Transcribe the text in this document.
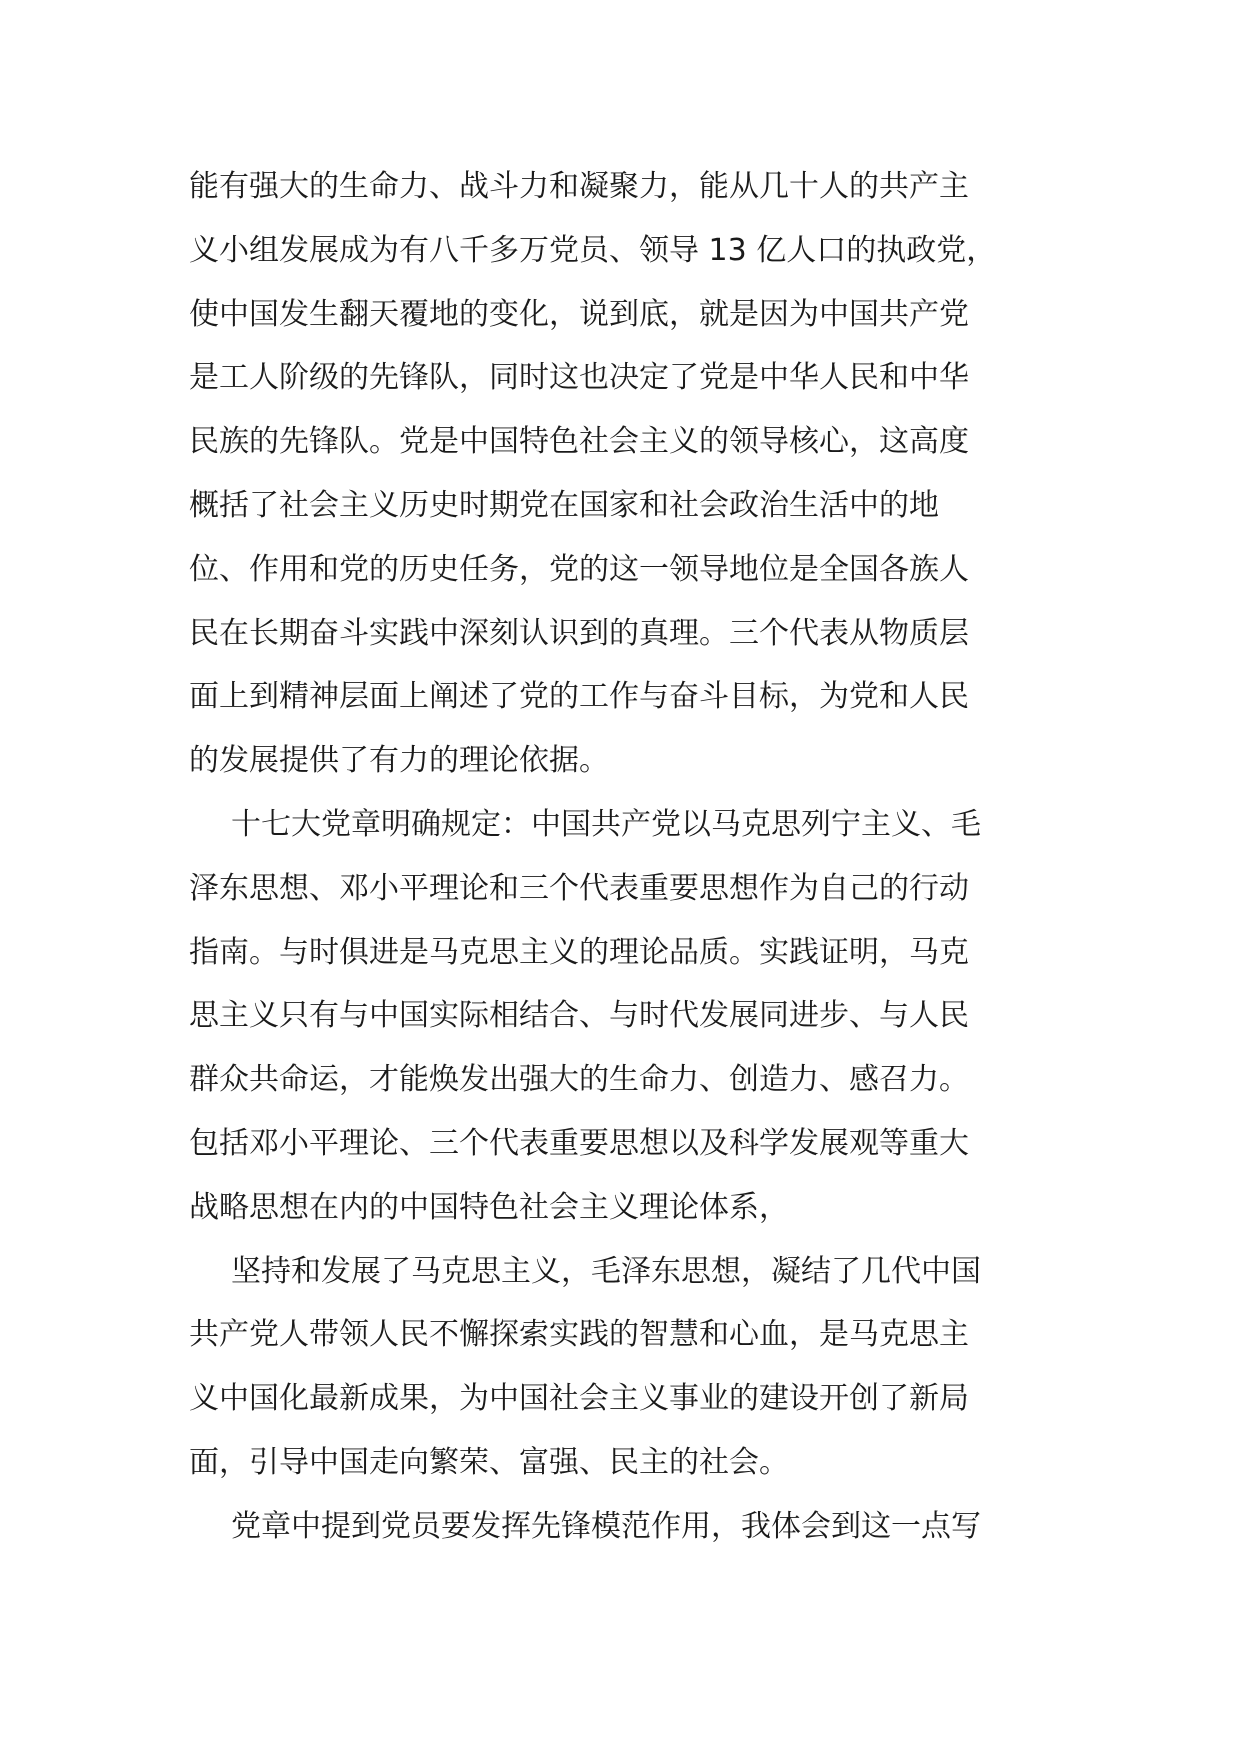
能有强大的生命力、战斗力和凝聚力，能从几十人的共产主
义小组发展成为有八千多万党员、领导 13 亿人口的执政党，
使中国发生翻天覆地的变化，说到底，就是因为中国共产党
是工人阶级的先锋队，同时这也决定了党是中华人民和中华
民族的先锋队。党是中国特色社会主义的领导核心，这高度
概括了社会主义历史时期党在国家和社会政治生活中的地
位、作用和党的历史任务，党的这一领导地位是全国各族人
民在长期奋斗实践中深刻认识到的真理。三个代表从物质层
面上到精神层面上阐述了党的工作与奋斗目标，为党和人民
的发展提供了有力的理论依据。
十七大党章明确规定：中国共产党以马克思列宁主义、毛
泽东思想、邓小平理论和三个代表重要思想作为自己的行动
指南。与时俱进是马克思主义的理论品质。实践证明，马克
思主义只有与中国实际相结合、与时代发展同进步、与人民
群众共命运，才能焕发出强大的生命力、创造力、感召力。
包括邓小平理论、三个代表重要思想以及科学发展观等重大
战略思想在内的中国特色社会主义理论体系，
坚持和发展了马克思主义，毛泽东思想，凝结了几代中国
共产党人带领人民不懈探索实践的智慧和心血，是马克思主
义中国化最新成果，为中国社会主义事业的建设开创了新局
面，引导中国走向繁荣、富强、民主的社会。
党章中提到党员要发挥先锋模范作用，我体会到这一点写
